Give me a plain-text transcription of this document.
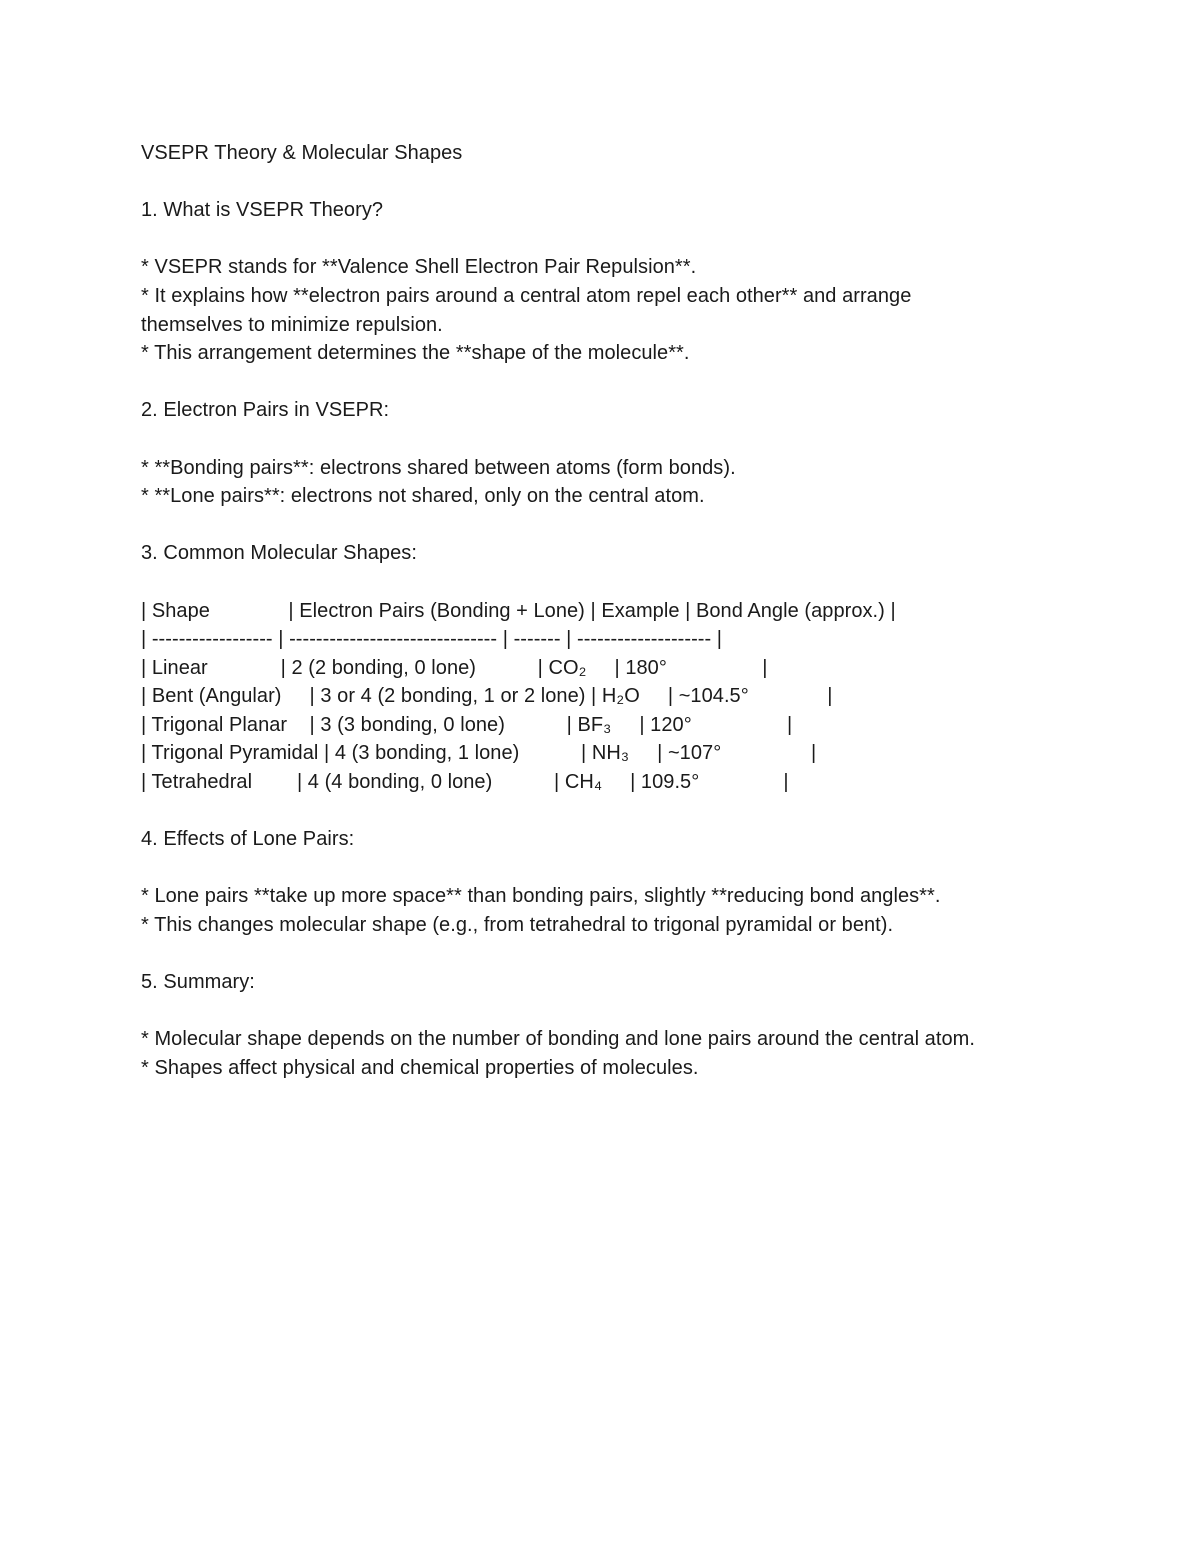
VSEPR Theory & Molecular Shapes
1. What is VSEPR Theory?
* VSEPR stands for **Valence Shell Electron Pair Repulsion**.
* It explains how **electron pairs around a central atom repel each other** and arrange
themselves to minimize repulsion.
* This arrangement determines the **shape of the molecule**.
2. Electron Pairs in VSEPR:
* **Bonding pairs**: electrons shared between atoms (form bonds).
* **Lone pairs**: electrons not shared, only on the central atom.
3. Common Molecular Shapes:
| Shape              | Electron Pairs (Bonding + Lone) | Example | Bond Angle (approx.) |
| ------------------ | ------------------------------- | ------- | -------------------- |
| Linear             | 2 (2 bonding, 0 lone)           | CO₂     | 180°                 |
| Bent (Angular)     | 3 or 4 (2 bonding, 1 or 2 lone) | H₂O     | ~104.5°              |
| Trigonal Planar    | 3 (3 bonding, 0 lone)           | BF₃     | 120°                 |
| Trigonal Pyramidal | 4 (3 bonding, 1 lone)           | NH₃     | ~107°                |
| Tetrahedral        | 4 (4 bonding, 0 lone)           | CH₄     | 109.5°               |
4. Effects of Lone Pairs:
* Lone pairs **take up more space** than bonding pairs, slightly **reducing bond angles**.
* This changes molecular shape (e.g., from tetrahedral to trigonal pyramidal or bent).
5. Summary:
* Molecular shape depends on the number of bonding and lone pairs around the central atom.
* Shapes affect physical and chemical properties of molecules.
